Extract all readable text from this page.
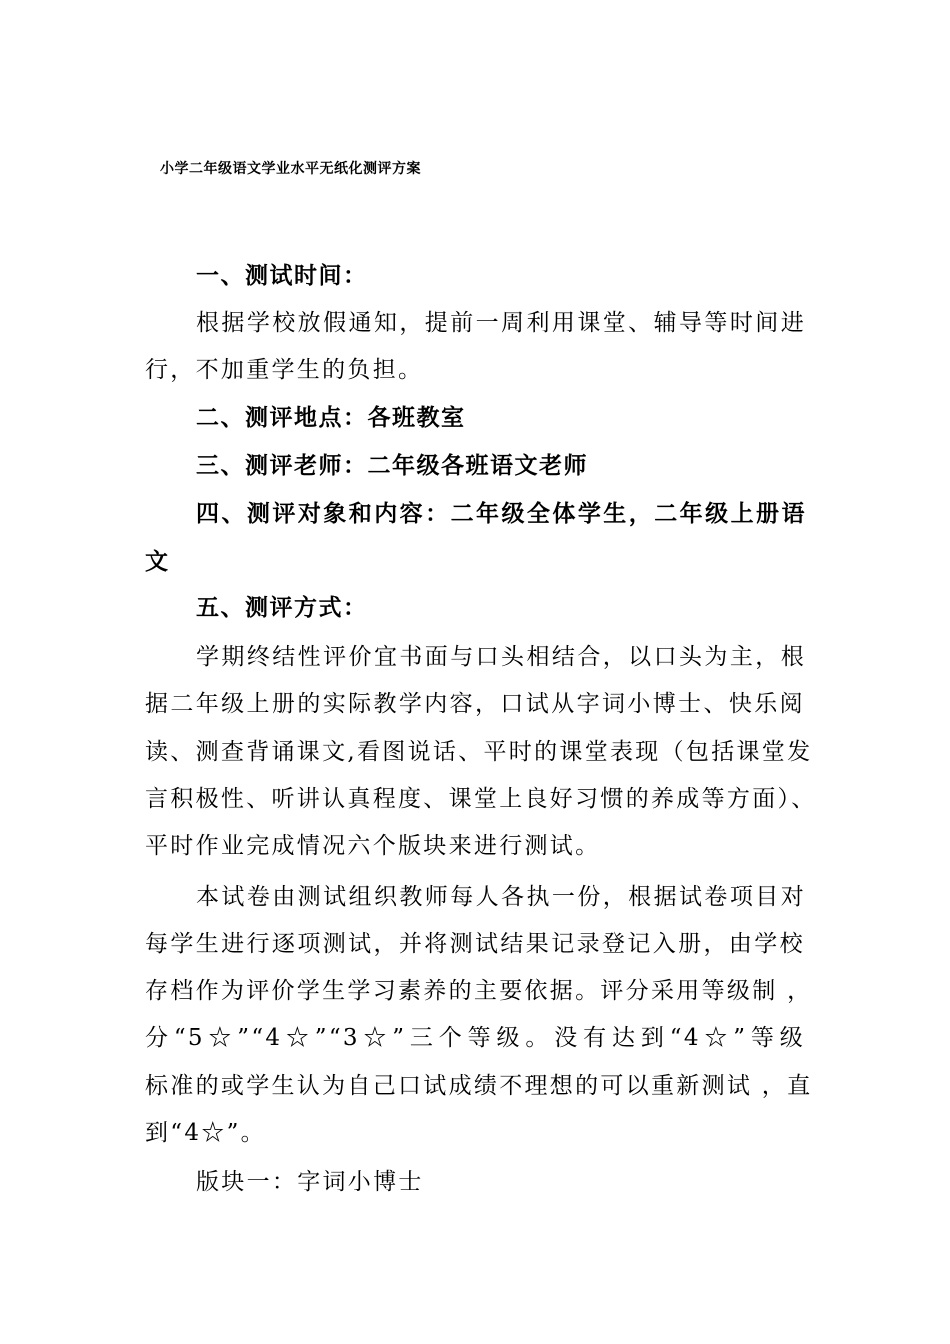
小学二年级语文学业水平无纸化测评方案
一、测试时间：
根据学校放假通知，提前一周利用课堂、辅导等时间进
行，不加重学生的负担。
二、测评地点：各班教室
三、测评老师：二年级各班语文老师
四、测评对象和内容：二年级全体学生，二年级上册语
文
五、测评方式：
学期终结性评价宜书面与口头相结合，以口头为主，根
据二年级上册的实际教学内容，口试从字词小博士、快乐阅
读、测查背诵课文,看图说话、平时的课堂表现（包括课堂发
言积极性、听讲认真程度、课堂上良好习惯的养成等方面）、
平时作业完成情况六个版块来进行测试。
本试卷由测试组织教师每人各执一份，根据试卷项目对
每学生进行逐项测试，并将测试结果记录登记入册，由学校
存档作为评价学生学习素养的主要依据。评分采用等级制 ，
分“5☆”“4☆”“3☆”三个等级。没有达到“4☆”等级
标准的或学生认为自己口试成绩不理想的可以重新测试 ，直
到“4☆”。
版块一：字词小博士
